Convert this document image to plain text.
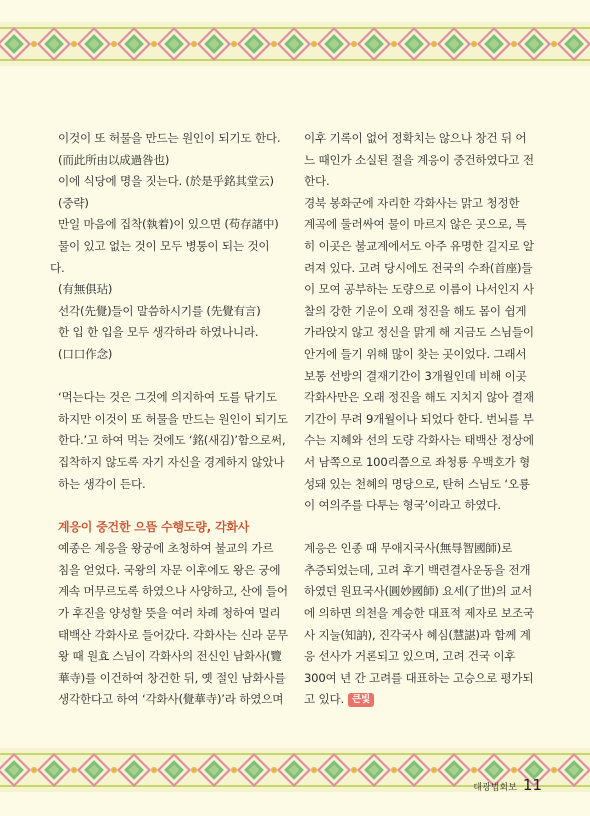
이것이 또 허물을 만드는 원인이 되기도 한다.
(而此所由以成過咎也)
이에 식당에 명을 짓는다. (於是乎銘其堂云)
(중략)
만일 마음에 집착(執着)이 있으면 (苟存諸中)
물이 있고 없는 것이 모두 병통이 되는 것이
다.
(有無俱玷)
선각(先覺)들이 말씀하시기를 (先覺有言)
한 입 한 입을 모두 생각하라 하였나니라.
(口口作念)
‘먹는다는 것은 그것에 의지하여 도를 닦기도
하지만 이것이 또 허물을 만드는 원인이 되기도
한다.’고 하여 먹는 것에도 ‘銘(새김)’함으로써,
집착하지 않도록 자기 자신을 경계하지 않았나
하는 생각이 든다.
계응이 중건한 으뜸 수행도량, 각화사
예종은 계응을 왕궁에 초청하여 불교의 가르
침을 얻었다. 국왕의 자문 이후에도 왕은 궁에
계속 머무르도록 하였으나 사양하고, 산에 들어
가 후진을 양성할 뜻을 여러 차례 청하여 멀리
태백산 각화사로 들어갔다. 각화사는 신라 문무
왕 때 원효 스님이 각화사의 전신인 남화사(覽
華寺)를 이건하여 창건한 뒤, 옛 절인 남화사를
생각한다고 하여 ‘각화사(覺華寺)’라 하였으며
이후 기록이 없어 정확치는 않으나 창건 뒤 어
느 때인가 소실된 절을 계응이 중건하였다고 전
한다.
경북 봉화군에 자리한 각화사는 맑고 청정한
계곡에 둘러싸여 물이 마르지 않은 곳으로, 특
히 이곳은 불교계에서도 아주 유명한 길지로 알
려져 있다. 고려 당시에도 전국의 수좌(首座)들
이 모여 공부하는 도량으로 이름이 나서인지 사
찰의 강한 기운이 오래 정진을 해도 몸이 쉽게
가라앉지 않고 정신을 맑게 해 지금도 스님들이
안거에 들기 위해 많이 찾는 곳이었다. 그래서
보통 선방의 결재기간이 3개월인데 비해 이곳
각화사만은 오래 정진을 해도 지치지 않아 결재
기간이 무려 9개월이나 되었다 한다. 번뇌를 부
수는 지혜와 선의 도량 각화사는 태백산 정상에
서 남쪽으로 100리쯤으로 좌청룡 우백호가 형
성돼 있는 천혜의 명당으로, 탄허 스님도 ‘오룡
이 여의주를 다투는 형국’이라고 하였다.
계응은 인종 때 무애지국사(無㝵智國師)로
추증되었는데, 고려 후기 백련결사운동을 전개
하였던 원묘국사(圓妙國師) 요세(了世)의 교서
에 의하면 의천을 계승한 대표적 제자로 보조국
사 지눌(知訥), 진각국사 혜심(慧諶)과 함께 계
응 선사가 거론되고 있으며, 고려 건국 이후
300여 년 간 고려를 대표하는 고승으로 평가되
고 있다. 큰빛
대광법회보 11
